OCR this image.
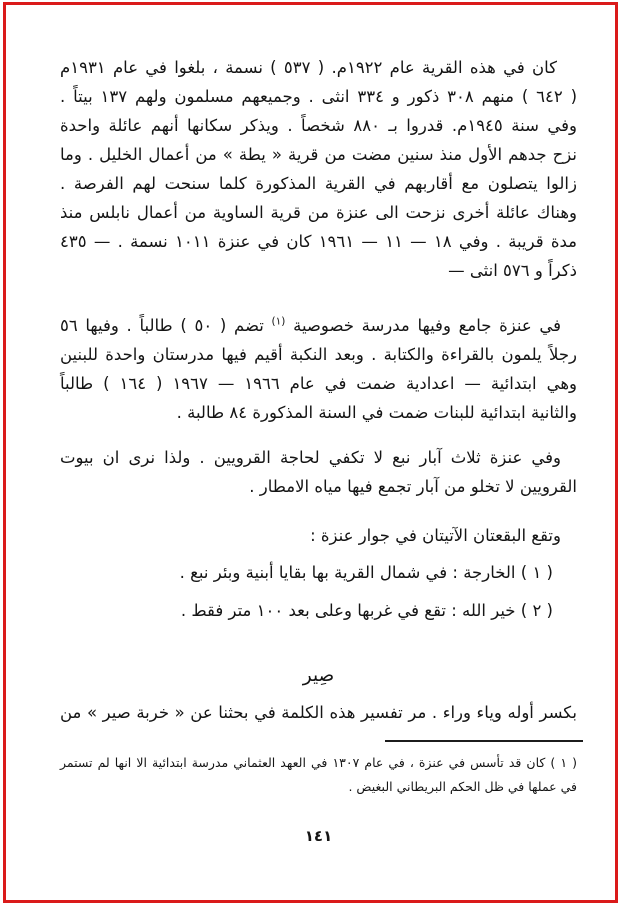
كان في هذه القرية عام ١٩٢٢م. ( ٥٣٧ ) نسمة ، بلغوا في عام ١٩٣١م
( ٦٤٢ ) منهم ٣٠٨ ذكور و ٣٣٤ انثى . وجميعهم مسلمون ولهم ١٣٧ بيتاً .
وفي سنة ١٩٤٥م. قدروا بـ ٨٨٠ شخصاً . ويذكر سكانها أنهم عائلة واحدة
نزح جدهم الأول منذ سنين مضت من قرية « يطة » من أعمال الخليل . وما
زالوا يتصلون مع أقاربهم في القرية المذكورة كلما سنحت لهم الفرصة .
وهناك عائلة أخرى نزحت الى عنزة من قرية الساوية من أعمال نابلس منذ
مدة قريبة . وفي ١٨ — ١١ — ١٩٦١ كان في عنزة ١٠١١ نسمة . — ٤٣٥
ذكراً و ٥٧٦ انثى —
في عنزة جامع وفيها مدرسة خصوصية $^{(١)}$ تضم ( ٥٠ ) طالباً . وفيها ٥٦
رجلاً يلمون بالقراءة والكتابة . وبعد النكبة أقيم فيها مدرستان واحدة للبنين
وهي ابتدائية — اعدادية ضمت في عام ١٩٦٦ — ١٩٦٧ ( ١٦٤ ) طالباً
والثانية ابتدائية للبنات ضمت في السنة المذكورة ٨٤ طالبة .
وفي عنزة ثلاث آبار نبع لا تكفي لحاجة القرويين . ولذا نرى ان بيوت
القرويين لا تخلو من آبار تجمع فيها مياه الامطار .
وتقع البقعتان الآتيتان في جوار عنزة :
( ١ ) الخارجة : في شمال القرية بها بقايا أبنية وبئر نبع .
( ٢ ) خير الله : تقع في غربها وعلى بعد ١٠٠ متر فقط .
صِير
بكسر أوله وياء وراء . مر تفسير هذه الكلمة في بحثنا عن « خربة صير » من
( ١ ) كان قد تأسس في عنزة ، في عام ١٣٠٧ في العهد العثماني مدرسة ابتدائية الا انها لم تستمر
في عملها في ظل الحكم البريطاني البغيض .
١٤١
